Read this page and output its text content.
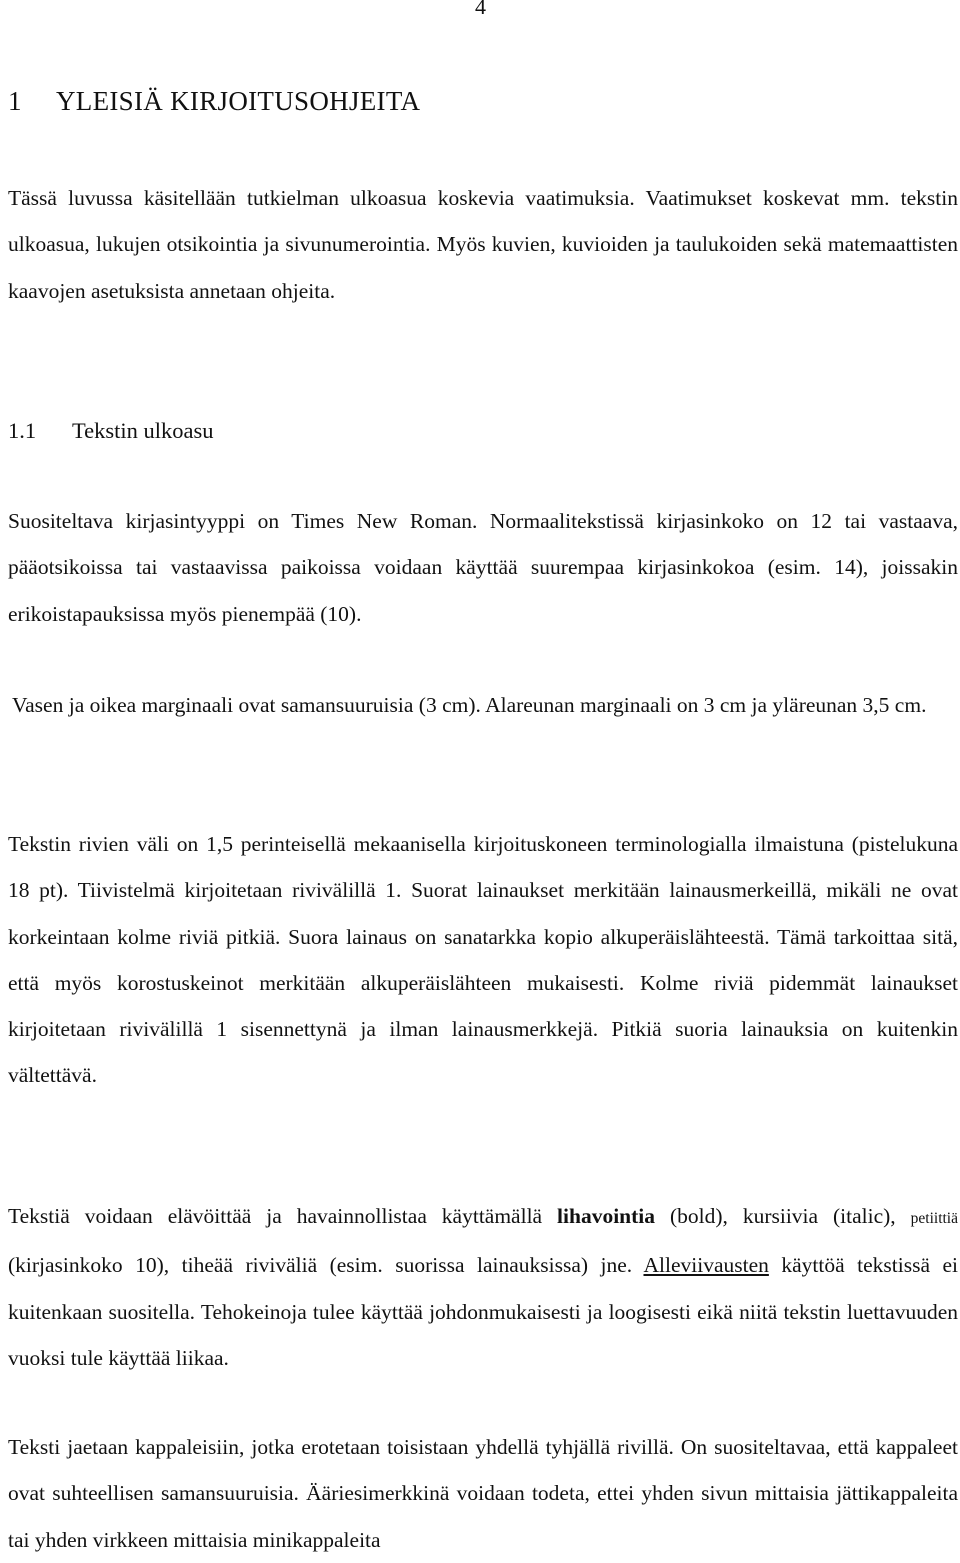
4
1 YLEISIÄ KIRJOITUSOHJEITA

Tässä luvussa käsitellään tutkielman ulkoasua koskevia vaatimuksia. Vaatimukset koskevat mm. tekstin ulkoasua, lukujen otsikointia ja sivunumerointia. Myös kuvien, kuvioiden ja taulukoiden sekä matemaattisten kaavojen asetuksista annetaan ohjeita.

1.1 Tekstin ulkoasu

Suositeltava kirjasintyyppi on Times New Roman. Normaalitekstissä kirjasinkoko on 12 tai vastaava, pääotsikoissa tai vastaavissa paikoissa voidaan käyttää suurempaa kirjasinkokoa (esim. 14), joissakin erikoistapauksissa myös pienempää (10).

Vasen ja oikea marginaali ovat samansuuruisia (3 cm). Alareunan marginaali on 3 cm ja yläreunan 3,5 cm.

Tekstin rivien väli on 1,5 perinteisellä mekaanisella kirjoituskoneen terminologialla ilmaistuna (pistelukuna 18 pt). Tiivistelmä kirjoitetaan rivivälillä 1. Suorat lainaukset merkitään lainausmerkeillä, mikäli ne ovat korkeintaan kolme riviä pitkiä. Suora lainaus on sanatarkka kopio alkuperäislähteestä. Tämä tarkoittaa sitä, että myös korostuskeinot merkitään alkuperäislähteen mukaisesti. Kolme riviä pidemmät lainaukset kirjoitetaan rivivälillä 1 sisennettynä ja ilman lainausmerkkejä. Pitkiä suoria lainauksia on kuitenkin vältettävä.

Tekstiä voidaan elävöittää ja havainnollistaa käyttämällä lihavointia (bold), kursiivia (italic), petiittiä (kirjasinkoko 10), tiheää riviväliä (esim. suorissa lainauksissa) jne. Alleviivausten käyttöä tekstissä ei kuitenkaan suositella. Tehokeinoja tulee käyttää johdonmukaisesti ja loogisesti eikä niitä tekstin luettavuuden vuoksi tule käyttää liikaa.

Teksti jaetaan kappaleisiin, jotka erotetaan toisistaan yhdellä tyhjällä rivillä. On suositeltavaa, että kappaleet ovat suhteellisen samansuuruisia. Ääriesimerkkinä voidaan todeta, ettei yhden sivun mittaisia jättikappaleita tai yhden virkkeen mittaisia minikappaleita
